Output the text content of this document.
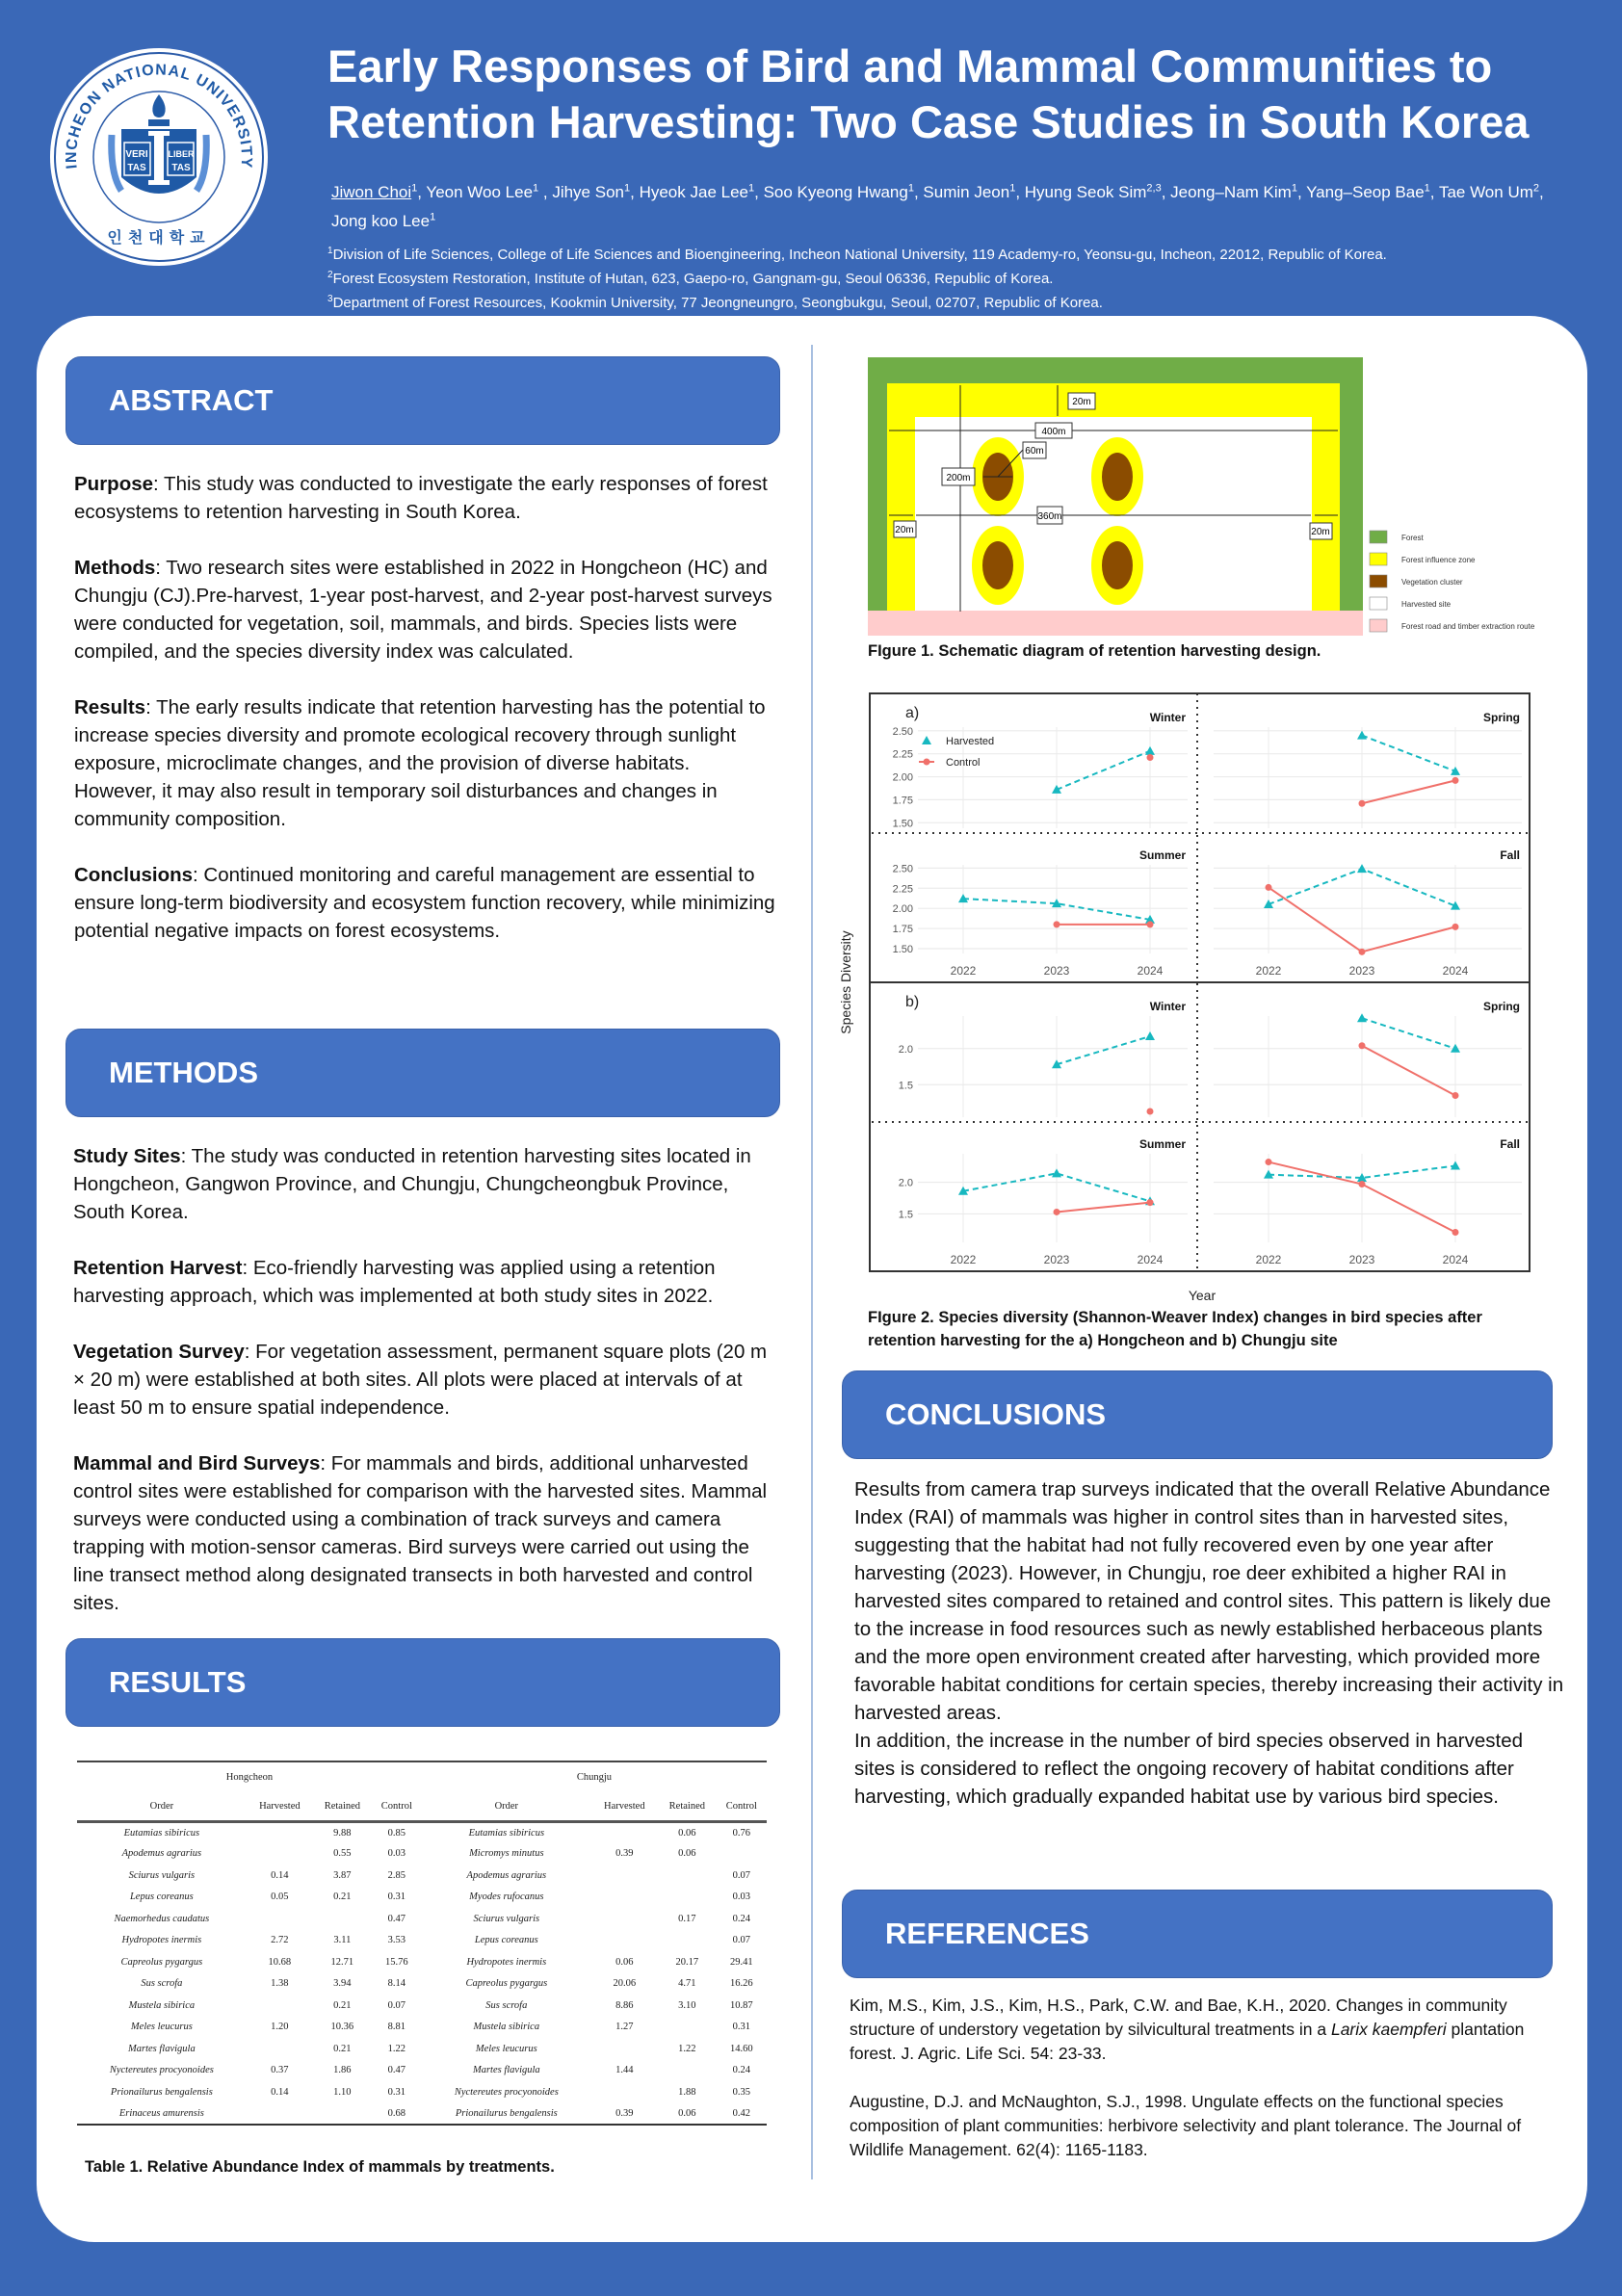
INCHEON NATIONAL UNIVERSITY
인천대학교
VERI
TAS
LIBER
TAS
Early Responses of Bird and Mammal Communities to
Retention Harvesting: Two Case Studies in South Korea
Jiwon Choi$^1$, Yeon Woo Lee$^1$ , Jihye Son$^1$, Hyeok Jae Lee$^1$, Soo Kyeong Hwang$^1$, Sumin Jeon$^1$, Hyung Seok Sim$^{2,3}$, Jeong–Nam Kim$^1$, Yang–Seop Bae$^1$, Tae Won Um$^2$, Jong koo Lee$^1$
$^1$Division of Life Sciences, College of Life Sciences and Bioengineering, Incheon National University, 119 Academy-ro, Yeonsu-gu, Incheon, 22012, Republic of Korea.
$^2$Forest Ecosystem Restoration, Institute of Hutan, 623, Gaepo-ro, Gangnam-gu, Seoul 06336, Republic of Korea.
$^3$Department of Forest Resources, Kookmin University, 77 Jeongneungro, Seongbukgu, Seoul, 02707, Republic of Korea.
ABSTRACT

Purpose: This study was conducted to investigate the early responses of forest ecosystems to retention harvesting in South Korea.

Methods: Two research sites were established in 2022 in Hongcheon (HC) and Chungju (CJ).Pre-harvest, 1-year post-harvest, and 2-year post-harvest surveys were conducted for vegetation, soil, mammals, and birds. Species lists were compiled, and the species diversity index was calculated.

Results: The early results indicate that retention harvesting has the potential to increase species diversity and promote ecological recovery through sunlight exposure, microclimate changes, and the provision of diverse habitats. However, it may also result in temporary soil disturbances and changes in community composition.

Conclusions: Continued monitoring and careful management are essential to ensure long-term biodiversity and ecosystem function recovery, while minimizing potential negative impacts on forest ecosystems.

METHODS

Study Sites: The study was conducted in retention harvesting sites located in Hongcheon, Gangwon Province, and Chungju, Chungcheongbuk Province, South Korea.

Retention Harvest: Eco-friendly harvesting was applied using a retention harvesting approach, which was implemented at both study sites in 2022.

Vegetation Survey: For vegetation assessment, permanent square plots (20 m × 20 m) were established at both sites. All plots were placed at intervals of at least 50 m to ensure spatial independence.

Mammal and Bird Surveys: For mammals and birds, additional unharvested control sites were established for comparison with the harvested sites. Mammal surveys were conducted using a combination of track surveys and camera trapping with motion-sensor cameras. Bird surveys were carried out using the line transect method along designated transects in both harvested and control sites.

RESULTS
Hongcheon				Chungju			
Order	Harvested	Retained	Control	Order	Harvested	Retained	Control
Eutamias sibiricus		9.88	0.85	Eutamias sibiricus		0.06	0.76
Apodemus agrarius		0.55	0.03	Micromys minutus	0.39	0.06	
Sciurus vulgaris	0.14	3.87	2.85	Apodemus agrarius			0.07
Lepus coreanus	0.05	0.21	0.31	Myodes rufocanus			0.03
Naemorhedus caudatus			0.47	Sciurus vulgaris		0.17	0.24
Hydropotes inermis	2.72	3.11	3.53	Lepus coreanus			0.07
Capreolus pygargus	10.68	12.71	15.76	Hydropotes inermis	0.06	20.17	29.41
Sus scrofa	1.38	3.94	8.14	Capreolus pygargus	20.06	4.71	16.26
Mustela sibirica		0.21	0.07	Sus scrofa	8.86	3.10	10.87
Meles leucurus	1.20	10.36	8.81	Mustela sibirica	1.27		0.31
Martes flavigula		0.21	1.22	Meles leucurus		1.22	14.60
Nyctereutes procyonoides	0.37	1.86	0.47	Martes flavigula	1.44		0.24
Prionailurus bengalensis	0.14	1.10	0.31	Nyctereutes procyonoides		1.88	0.35
Erinaceus amurensis			0.68	Prionailurus bengalensis	0.39	0.06	0.42
Table 1. Relative Abundance Index of mammals by treatments.
20m
400m
60m
200m
360m
20m	20m
Forest
Forest influence zone
Vegetation cluster
Harvested site
Forest road and timber extraction route
FIgure 1. Schematic diagram of retention harvesting design.
Species Diversity
Year
a)
1.50
1.75
2.00
2.25
2.50
Winter	Spring
1.50
1.75
2.00
2.25
2.50
Summer
2022	2023	2024
Fall
2022	2023	2024
Harvested
Control
b)
1.5
2.0
Winter	Spring
1.5
2.0
Summer
2022	2023	2024
Fall
2022	2023	2024
FIgure 2. Species diversity (Shannon-Weaver Index) changes in bird species after
retention harvesting for the a) Hongcheon and b) Chungju site
CONCLUSIONS
Results from camera trap surveys indicated that the overall Relative Abundance Index (RAI) of mammals was higher in control sites than in harvested sites, suggesting that the habitat had not fully recovered even by one year after harvesting (2023). However, in Chungju, roe deer exhibited a higher RAI in harvested sites compared to retained and control sites. This pattern is likely due to the increase in food resources such as newly established herbaceous plants and the more open environment created after harvesting, which provided more favorable habitat conditions for certain species, thereby increasing their activity in harvested areas.
In addition, the increase in the number of bird species observed in harvested sites is considered to reflect the ongoing recovery of habitat conditions after harvesting, which gradually expanded habitat use by various bird species.
REFERENCES

Kim, M.S., Kim, J.S., Kim, H.S., Park, C.W. and Bae, K.H., 2020. Changes in community structure of understory vegetation by silvicultural treatments in a Larix kaempferi plantation forest. J. Agric. Life Sci. 54: 23-33.

Augustine, D.J. and McNaughton, S.J., 1998. Ungulate effects on the functional species composition of plant communities: herbivore selectivity and plant tolerance. The Journal of Wildlife Management. 62(4): 1165-1183.
